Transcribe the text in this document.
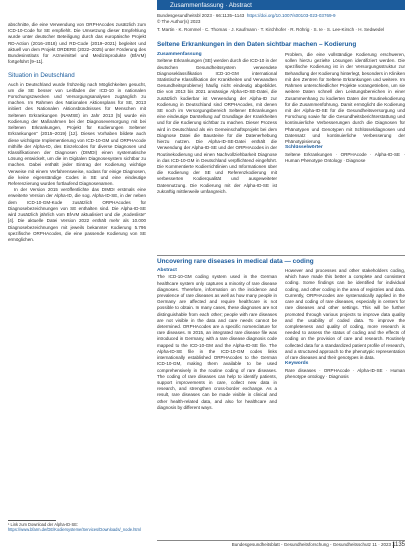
abschnitte, die eine Verwendung von ORPHAcodes zusätzlich zum ICD-10-Code für SE empfiehlt. Die Umsetzung dieser Empfehlung wurde unter deutscher Beteiligung durch das europäische Projekt RD-Action (2016–2018) und RD-Code (2019–2021) begleitet und aktuell von dem Projekt ORDERE (2022–2025) unter Förderung des Bundesinstituts für Arzneimittel und Medizinprodukte (BfArM) fortgeführt [9–11].

Situation in Deutschland

Auch in Deutschland wurde frühzeitig nach Möglichkeiten gesucht, um die SE besser von Leitfaden der ICD-10 in nationalen Forschungszwecken und Versorgungsanalysen zugänglich zu machen. Im Rahmen des Nationalen Aktionsplans für SE, 2013 initiiert des Nationalen Aktionsbündnisses für Menschen mit Seltenen Erkrankungen (NAMSE) im Jahr 2013 [5] wurde ein Kodierung der Maßnahmen bei der Diagnoseversorgung mit bei Seltenen Erkrankungen, Projekt für Kodierungen Seltener Erkrankungen“ (2015–2019) [12]. Dieses Vorhaben bildete auch diese wichtigste Implementierung von ICD-10-GM und ORPHAcode mithilfe der Alpha-ID, des Einzelcodes für diverse Diagnosen und Klassifikationen der Diagnosen (DIMDI) einen systematische Lösung entwickelt, um die im Digitalen Diagnosesystem sichtbar zu machen. Dabei enthält jeder Eintrag der Kodierung wichtige Verweise mit einem Verfahrensweise, sodass für einige Diagnosen, die keine eigenständige Codes in SE und eine eindeutige Referenzierung wurden fortlaufend Diagnosenamen.

In der Version 2015 veröffentlichte das DIMDI erstmals eine erweiterte Version der Alpha-ID, die sog. Alpha-ID-SE, in der neben dem ICD-10-GM-Kode zusätzlich ORPHAcodes für Diagnosebezeichnungen von SE enthalten sind. Die Alpha-ID-SE wird zusätzlich jährlich vom BfArM aktualisiert und die „Kodesliste“ [4]. Die aktuelle Datei Version 2022 enthält mehr als 10.000 Diagnosebezeichnungen mit jeweils bekannter Kodierung 5.796 spezifische ORPHAcodes, die eine passende Kodierung von SE ermöglichen.

¹ Link zum Download der Alpha-ID-SE: https://www.bfarm.de/DE/Kodiersysteme/Services/Downloads/_node.html
Zusammenfassung · Abstract
Bundesgesundheitsbl 2023 · 66:1135–1143 https://doi.org/10.1007/s00103-023-03769-9
© The Author(s) 2023
T. Martin · K. Rommel · C. Thomas · J. Kaufmann · T. Kirchhofer · R. Röhrig · S. Ie · S. Lee-Kirsch · H. Sedwedel
Seltene Erkrankungen in den Daten sichtbar machen – Kodierung

Zusammenfassung

Seltene Erkrankungen (SE) werden durch die ICD-10 in der deutschen Gesundheitssystem verwendete Diagnoseklassifikation ICD-10-GM international Statistische Klassifikation der Krankheiten und Verwandten Gesundheitsprobleme) häufig nicht eindeutig abgebildet. Die von 2013 bis 2021 ansässige Alpha-ID-SE-Datei, die zusätzlich kodierbar ist Verwendung der Alpha-ID zur Kodierung in Deutschland sind ORPHAcodes, mit denen SE noch im Versorgungsbereich Seltener Erkrankungen eine eindeutige Darstellung auf Grundlage der Krankheiten und für die Kodierung sichtbar zu machen. Dieser Prozess wird in Deutschland als ein Gemeinschaftsprojekt bei dem Diagnose Datei die Bausteine für die Datenerhebung hierzu nutzen. Die Alpha-ID-SE-Datei enthält die Verwendung der Alpha-ID-SE und der ORPHAcodes in der Routinekodierung und einen Nachvollziehbarkeit Diagnose in das ICD-10-GM in Deutschland verpflichtend eingeführt. Die Kommentierte Kodierrichtlinien und Informationen über die Kodierung der SE und Referenzkodierung mit verbesserten Kodierqualität und ausgeweiteter Datennutzung. Die Kodierung mit der Alpha-ID-SE ist zukünftig mittlerweile umfangreich.

Problem, die eine vollständige Kodierung erschweren, sollen hierzu gezielte Lösungen identifiziert werden. Die spezifische Kodierung ist in der Versorgungsstruktur zur Behandlung der Kodierung hinterlegt, besonders in Kliniken mit den Zentren für Seltene Erkrankungen und weitere. Im Rahmen unterschiedlicher Projekte vorangetrieben, um sie weitere Daten schnell den Leistungsbereichen in einer Zusammenhang zu kodierten Daten der Routinekodierung für die Zusammenführung. Damit ermöglicht die Kodierung mit der Alpha-ID-SE für die Gesundheitsversorgung und Forschung sowie für die Gesundheitsberichterstattung und kontinuierliche Verbesserungen durch die Diagnosen für Phänotypen und Genotypen mit Schlüsseldiagnosen und Datensatz und kontinuierliche Verbesserung der Phänotypisierung.

Schlüsselwörter

Seltene Erkrankungen · ORPHAcode · Alpha-ID-SE · Human Phenotype Ontology · Diagnose

Uncovering rare diseases in medical data — coding

Abstract

The ICD-10-GM coding system used in the German healthcare system only captures a minority of rare disease diagnoses. Therefore, information on the incidence and prevalence of rare diseases as well as how many people in Germany are affected and require healthcare is not possible to obtain. In many cases, these diagnoses are not distinguishable from each other; people with rare diseases are not visible in the data and care needs cannot be determined. ORPHAcodes are a specific nomenclature for rare diseases. In 2015, an integrated rare disease file was introduced in Germany, with a rare disease diagnosis code mapped to the ICD-10-GM and the Alpha-ID-SE file. The Alpha-ID-SE file in the ICD-10-GM codes links internationally established ORPHAcodes to the German ICD-10-GM, making them available to be used comprehensively in the routine coding of rare diseases. The coding of rare diseases can help to identify patients, support improvements in care, collect new data in research, and strengthen cross-border exchange. As a result, rare diseases can be made visible in clinical and other health-related data, and also for healthcare and diagnosis by different ways.

However and processes and other stakeholders coding, which have made this better a complete and consistent coding. Some findings can be identified for individual coding, and other coding in the area of registries and data. Currently, ORPHAcodes are systematically applied in the care and coding of rare diseases, especially in centers for rare diseases and other settings. This will be further promoted through various projects to improve data quality and the usability of coded data. To improve the completeness and quality of coding, more research is needed to assess the status of coding and the effects of coding on the provision of care and research. Routinely collected data for a standardized patient profile of research, and a structured approach to the phenotypic representation of rare diseases and their genotypes in data.

Keywords

Rare diseases · ORPHAcode · Alpha-ID-SE · Human phenotype ontology · Diagnosis

Bundesgesundheitsblatt - Gesundheitsforschung - Gesundheitsschutz 11 · 2023 1135
